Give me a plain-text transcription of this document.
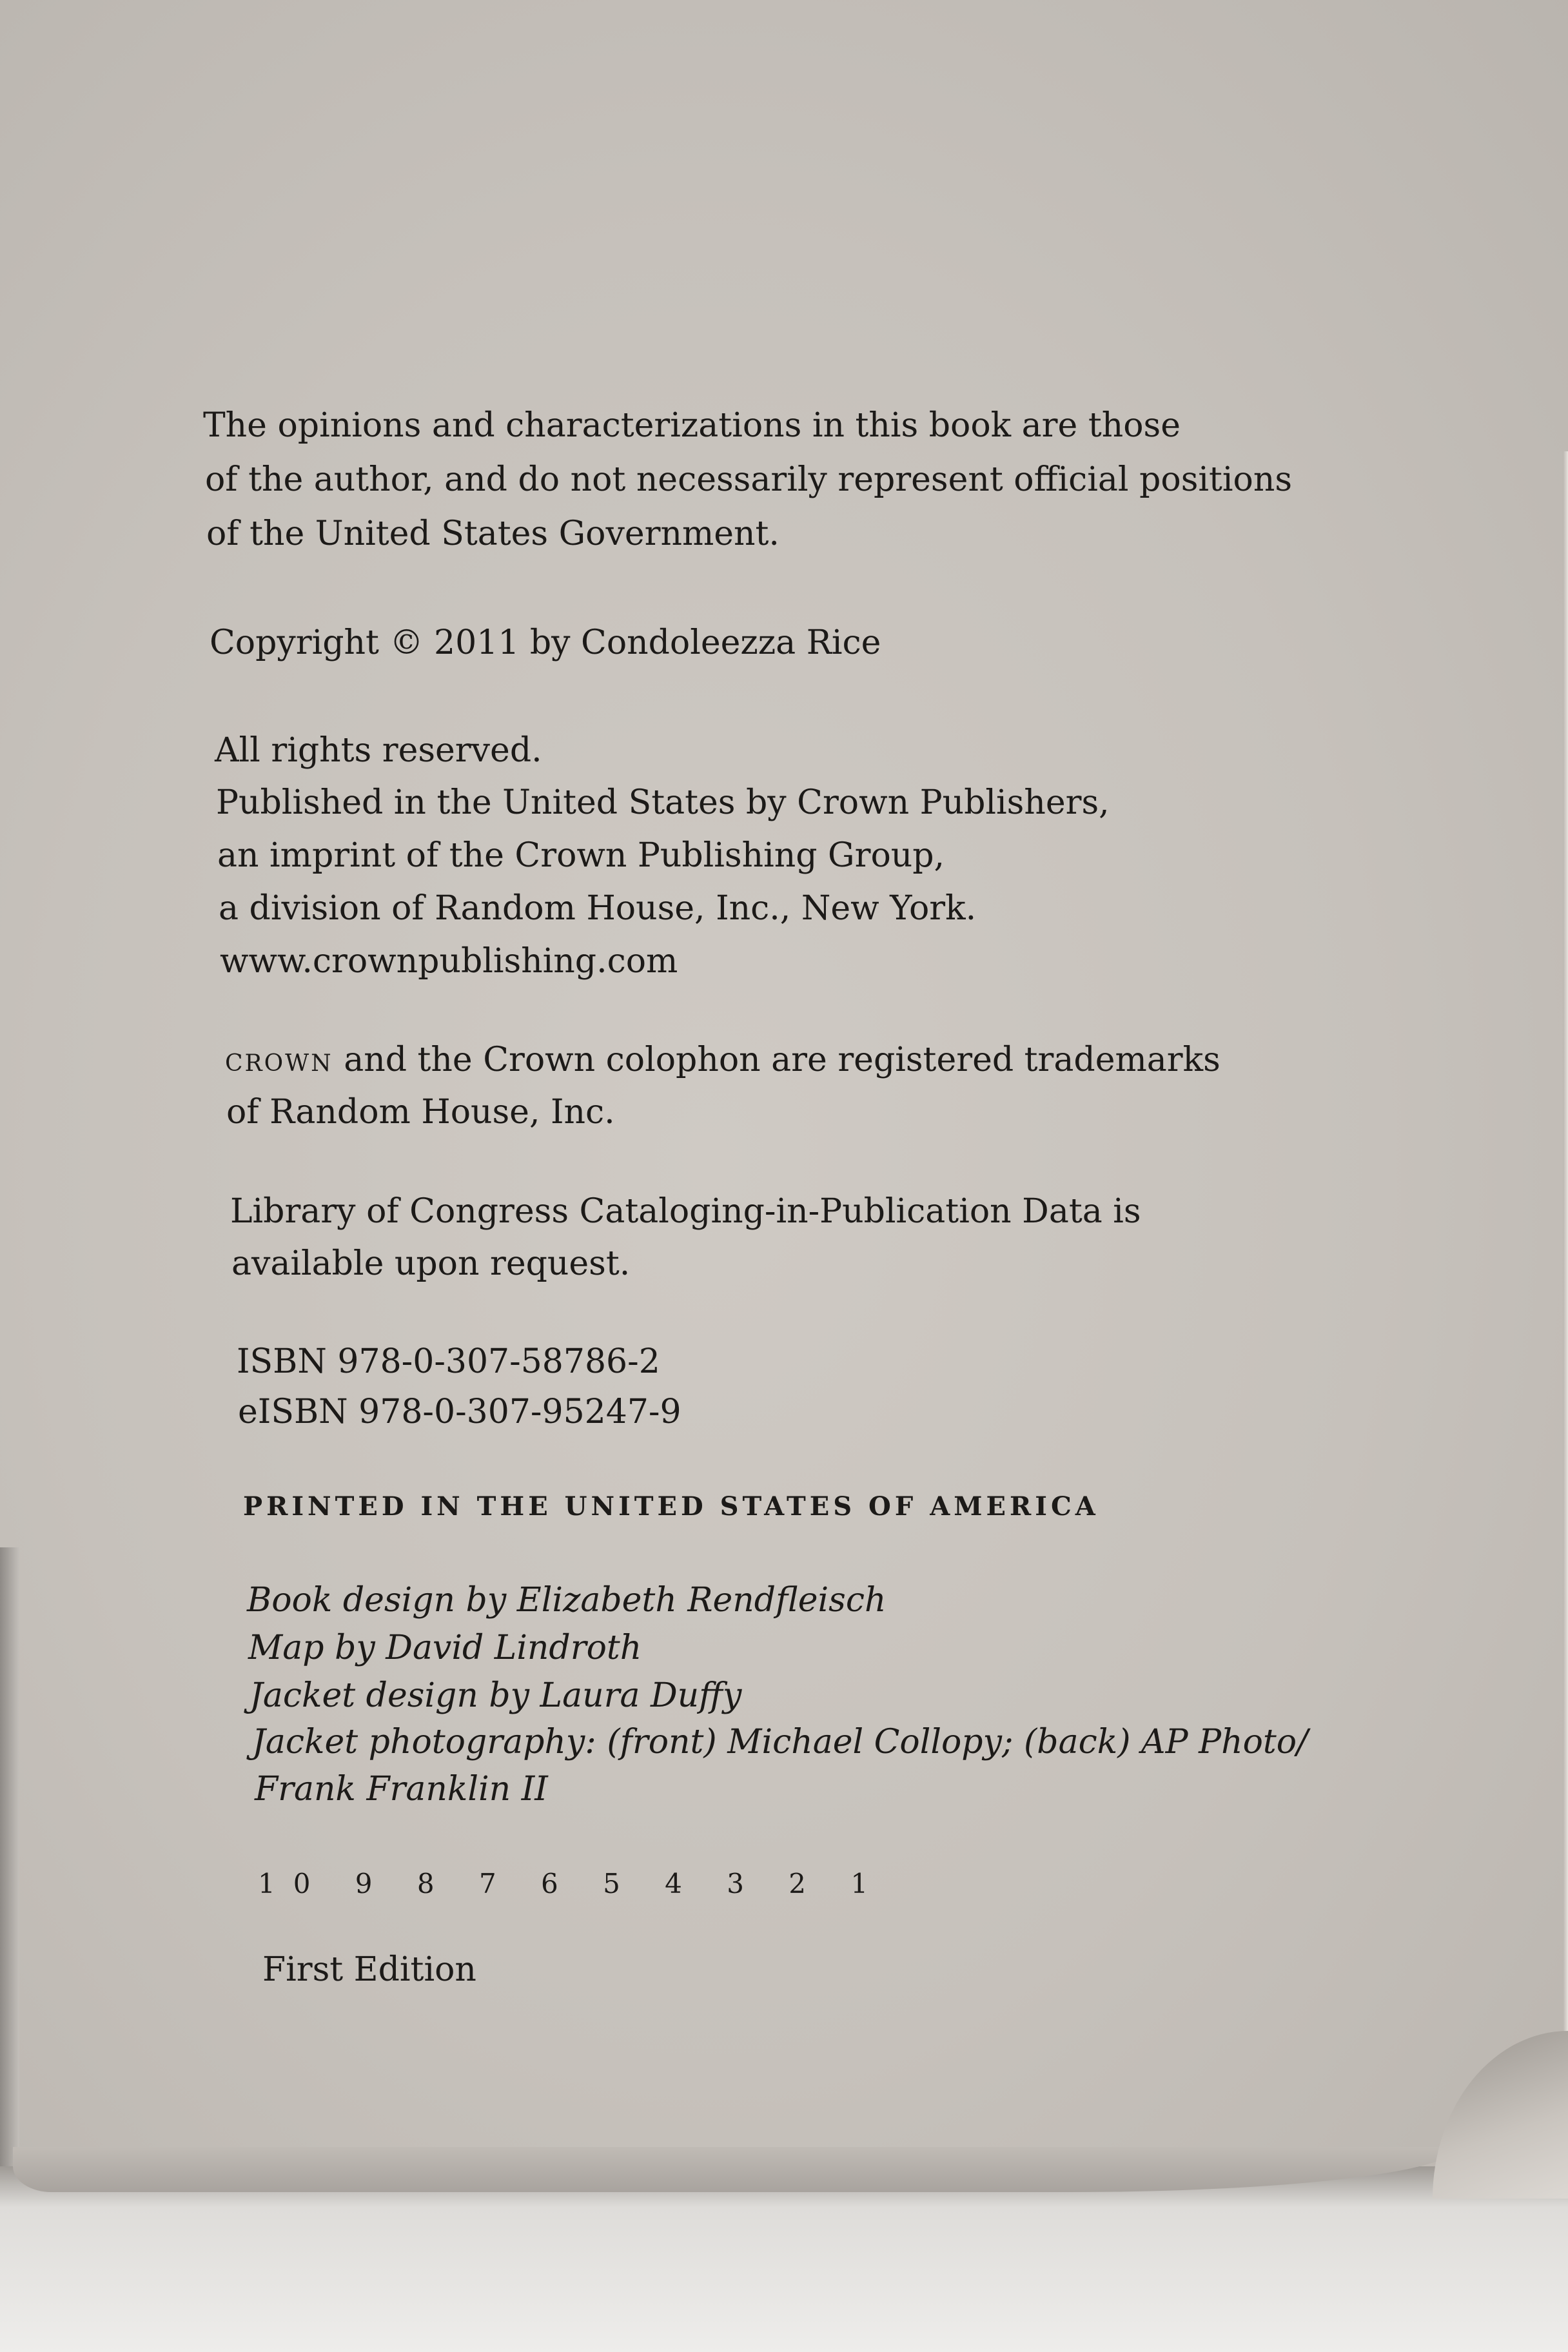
The opinions and characterizations in this book are those

of the author, and do not necessarily represent official positions

of the United States Government.

Copyright © 2011 by Condoleezza Rice

All rights reserved.

Published in the United States by Crown Publishers,

an imprint of the Crown Publishing Group,

a division of Random House, Inc., New York.

www.crownpublishing.com

crown and the Crown colophon are registered trademarks

of Random House, Inc.

Library of Congress Cataloging-in-Publication Data is

available upon request.

ISBN 978-0-307-58786-2

eISBN 978-0-307-95247-9

PRINTED IN THE UNITED STATES OF AMERICA

Book design by Elizabeth Rendfleisch

Map by David Lindroth

Jacket design by Laura Duffy

Jacket photography: (front) Michael Collopy; (back) AP Photo/

Frank Franklin II

10 9 8 7 6 5 4 3 2 1

First Edition
